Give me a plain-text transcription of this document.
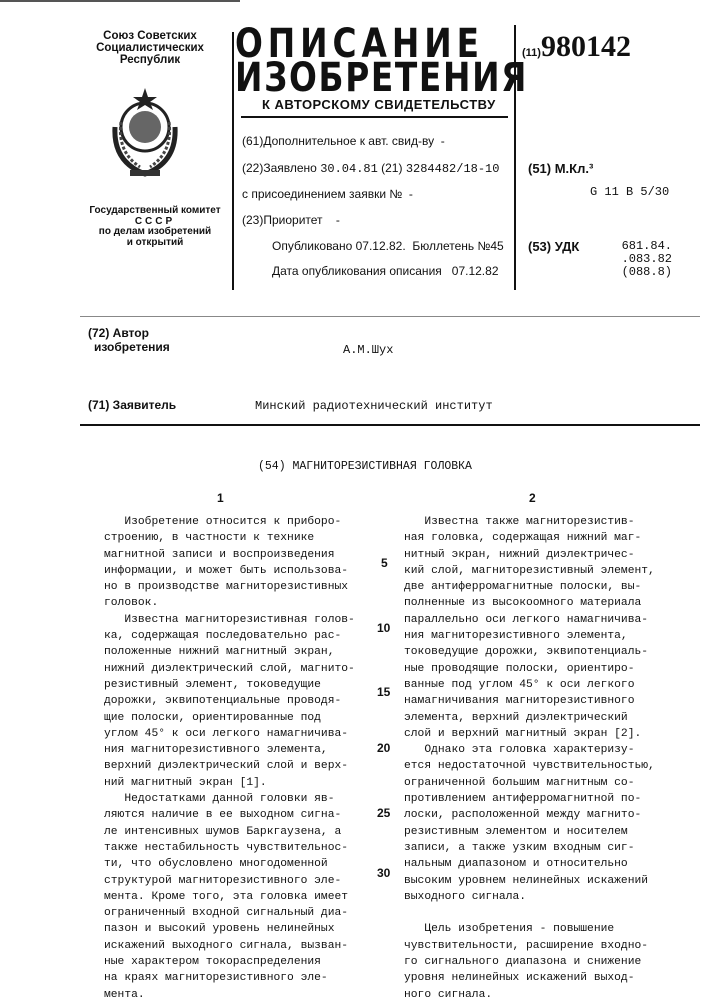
Союз Советских
Социалистических
Республик
Государственный комитет
СССР
по делам изобретений
и открытий
ОПИСАНИЕ
ИЗОБРЕТЕНИЯ
К АВТОРСКОМУ СВИДЕТЕЛЬСТВУ
(11)980142
(61)Дополнительное к авт. свид-ву -
(22)Заявлено 30.04.81 (21) 3284482/18-10
с присоединением заявки № -
(23)Приоритет -
Опубликовано 07.12.82. Бюллетень №45
Дата опубликования описания 07.12.82
(51) М.Кл.³
G 11 B 5/30
(53) УДК	681.84.
.083.82
(088.8)
(72) Автор
изобретения	А.М.Шух
(71) Заявитель	Минский радиотехнический институт
(54) МАГНИТОРЕЗИСТИВНАЯ ГОЛОВКА
1	2
Изобретение относится к приборо-
строению, в частности к технике
магнитной записи и воспроизведения
информации, и может быть использова-
но в производстве магниторезистивных
головок.
Известна магниторезистивная голов-
ка, содержащая последовательно рас-
положенные нижний магнитный экран,
нижний диэлектрический слой, магнито-
резистивный элемент, токоведущие
дорожки, эквипотенциальные проводя-
щие полоски, ориентированные под
углом 45° к оси легкого намагничива-
ния магниторезистивного элемента,
верхний диэлектрический слой и верх-
ний магнитный экран [1].
Недостатками данной головки яв-
ляются наличие в ее выходном сигна-
ле интенсивных шумов Баркгаузена, а
также нестабильность чувствительнос-
ти, что обусловлено многодоменной
структурой магниторезистивного эле-
мента. Кроме того, эта головка имеет
ограниченный входной сигнальный диа-
пазон и высокий уровень нелинейных
искажений выходного сигнала, вызван-
ные характером токораспределения
на краях магниторезистивного эле-
мента.
Известна также магниторезистив-
ная головка, содержащая нижний маг-
нитный экран, нижний диэлектричес-
кий слой, магниторезистивный элемент,
две антиферромагнитные полоски, вы-
полненные из высокоомного материала
параллельно оси легкого намагничива-
ния магниторезистивного элемента,
токоведущие дорожки, эквипотенциаль-
ные проводящие полоски, ориентиро-
ванные под углом 45° к оси легкого
намагничивания магниторезистивного
элемента, верхний диэлектрический
слой и верхний магнитный экран [2].
Однако эта головка характеризу-
ется недостаточной чувствительностью,
ограниченной большим магнитным со-
противлением антиферромагнитной по-
лоски, расположенной между магнито-
резистивным элементом и носителем
записи, а также узким входным сиг-
нальным диапазоном и относительно
высоким уровнем нелинейных искажений
выходного сигнала.
Цель изобретения - повышение
чувствительности, расширение входно-
го сигнального диапазона и снижение
уровня нелинейных искажений выход-
ного сигнала.
5
10
15
20
25
30
